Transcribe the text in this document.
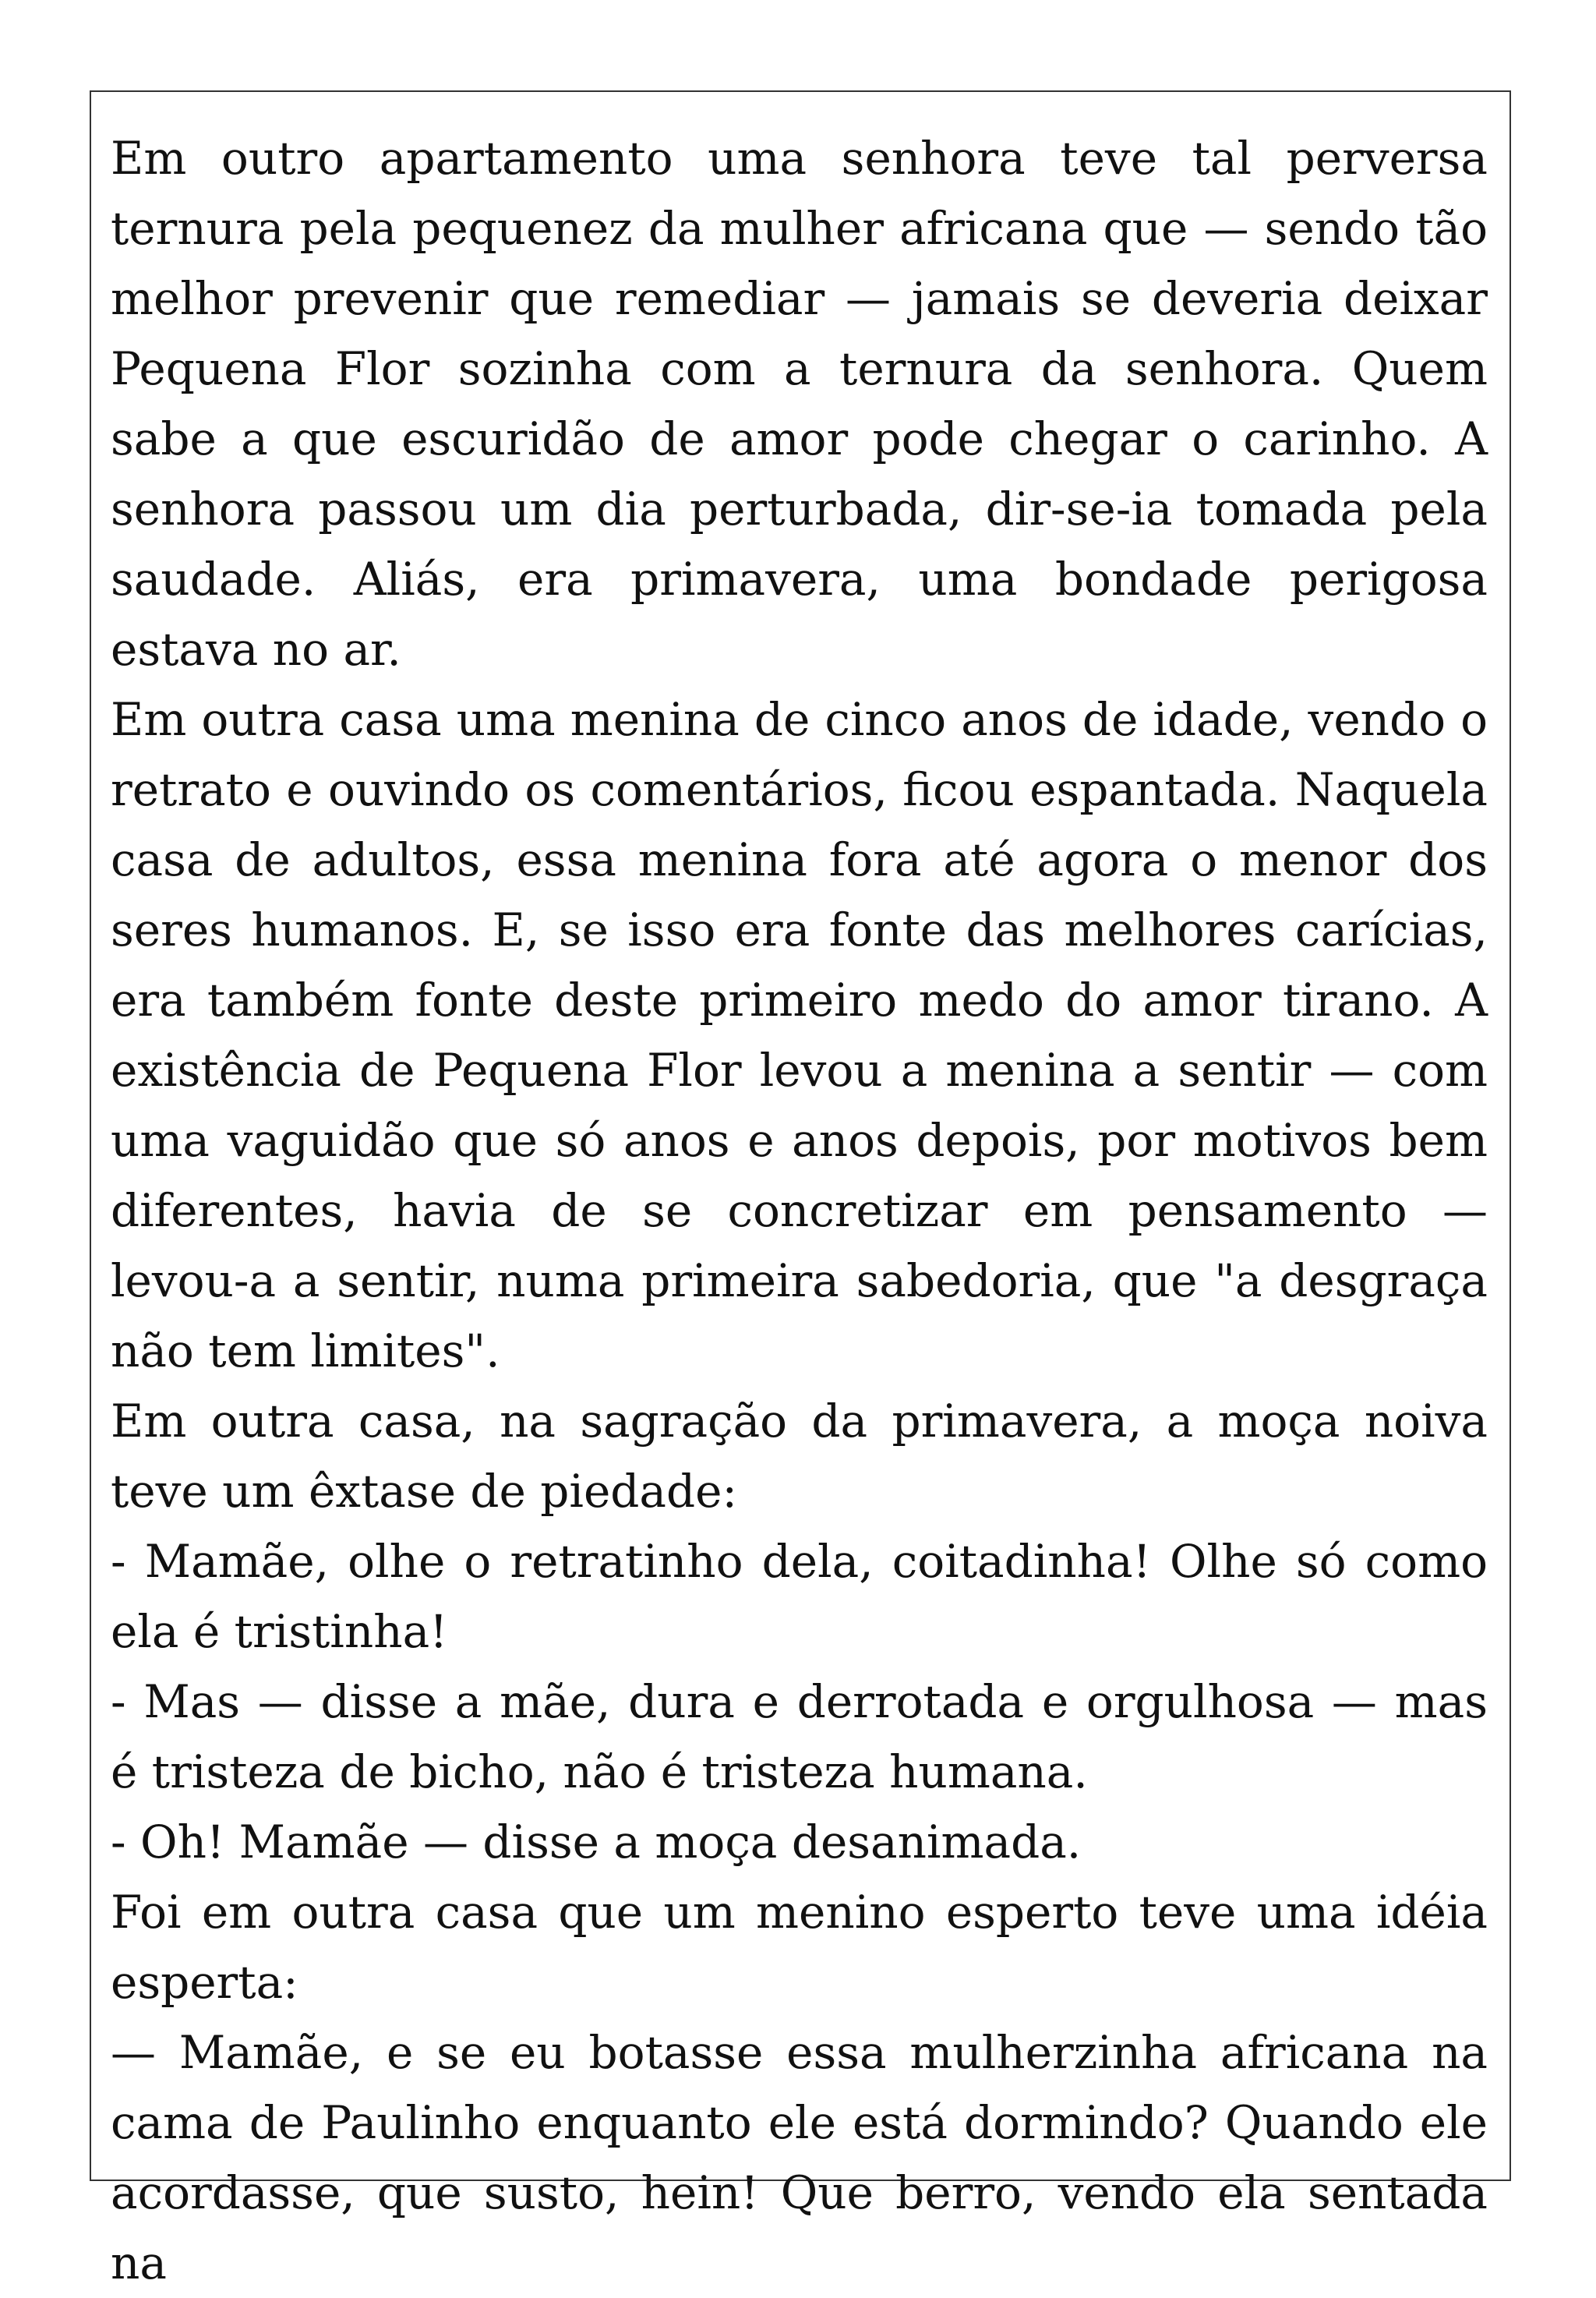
Em outro apartamento uma senhora teve tal perversa ternura pela pequenez da mulher africana que — sendo tão melhor prevenir que remediar — jamais se deveria deixar Pequena Flor sozinha com a ternura da senhora. Quem sabe a que escuridão de amor pode chegar o carinho. A senhora passou um dia perturbada, dir-se-ia tomada pela saudade. Aliás, era primavera, uma bondade perigosa estava no ar.

Em outra casa uma menina de cinco anos de idade, vendo o retrato e ouvindo os comentários, ficou espantada. Naquela casa de adultos, essa menina fora até agora o menor dos seres humanos. E, se isso era fonte das melhores carícias, era também fonte deste primeiro medo do amor tirano. A existência de Pequena Flor levou a menina a sentir — com uma vaguidão que só anos e anos depois, por motivos bem diferentes, havia de se concretizar em pensamento — levou-a a sentir, numa primeira sabedoria, que "a desgraça não tem limites".

Em outra casa, na sagração da primavera, a moça noiva teve um êxtase de piedade:

- Mamãe, olhe o retratinho dela, coitadinha! Olhe só como ela é tristinha!

- Mas — disse a mãe, dura e derrotada e orgulhosa — mas é tristeza de bicho, não é tristeza humana.

- Oh! Mamãe — disse a moça desanimada.

Foi em outra casa que um menino esperto teve uma idéia esperta:

— Mamãe, e se eu botasse essa mulherzinha africana na cama de Paulinho enquanto ele está dormindo? Quando ele acordasse, que susto, hein! Que berro, vendo ela sentada na
